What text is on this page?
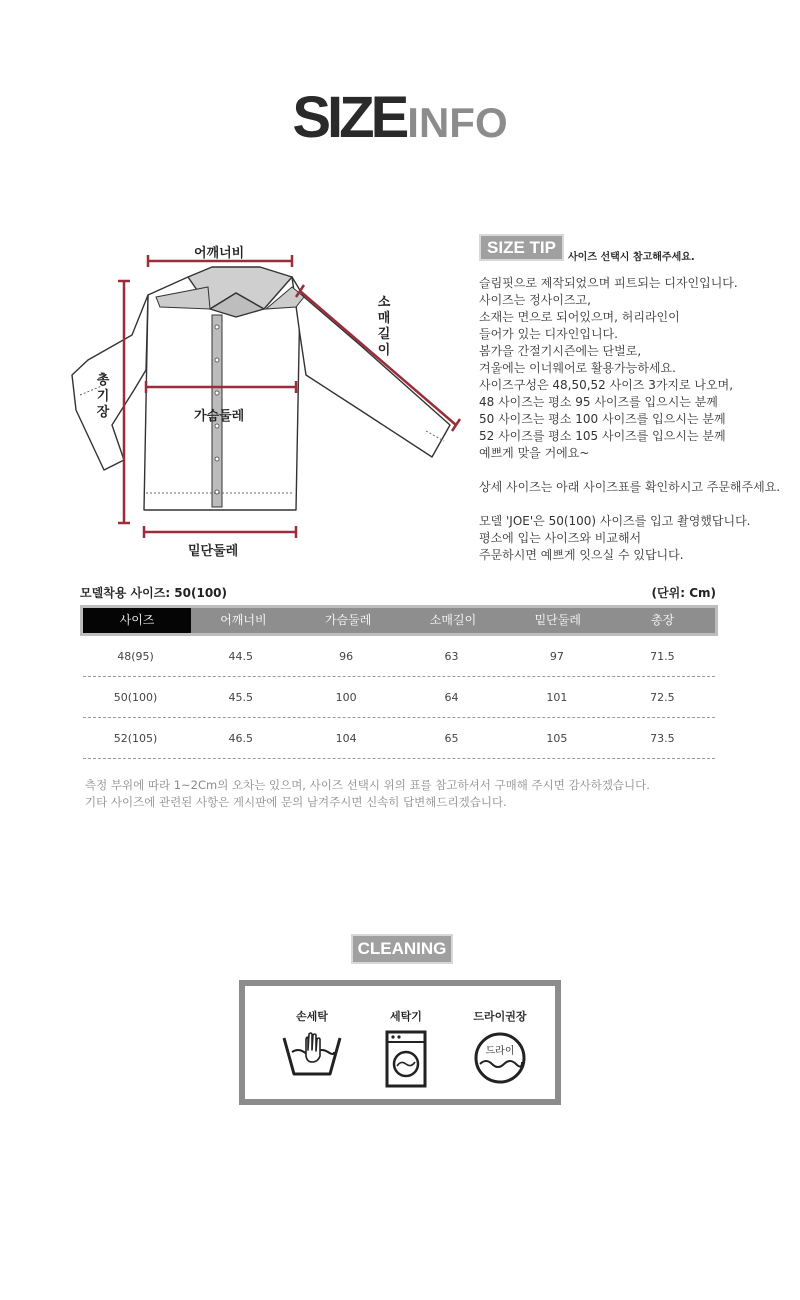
SIZEINFO
어깨너비
소
매
길
이
총
기
장	가슴둘레
밑단둘레
SIZE TIP
사이즈 선택시 참고해주세요.
슬림핏으로 제작되었으며 피트되는 디자인입니다.
사이즈는 정사이즈고,
소재는 면으로 되어있으며, 허리라인이
들어가 있는 디자인입니다.
봄가을 간절기시즌에는 단벌로,
겨울에는 이너웨어로 활용가능하세요.
사이즈구성은 48,50,52 사이즈 3가지로 나오며,
48 사이즈는 평소 95 사이즈를 입으시는 분께
50 사이즈는 평소 100 사이즈를 입으시는 분께
52 사이즈를 평소 105 사이즈를 입으시는 분께
예쁘게 맞을 거에요~
상세 사이즈는 아래 사이즈표를 확인하시고 주문해주세요.
모델 'JOE'은 50(100) 사이즈를 입고 촬영했답니다.
평소에 입는 사이즈와 비교해서
주문하시면 예쁘게 잇으실 수 있답니다.
모델착용 사이즈: 50(100)	(단위: Cm)
사이즈	어깨너비	가슴둘레	소매길이	밑단둘레	총장
48(95)	44.5	96	63	97	71.5
50(100)	45.5	100	64	101	72.5
52(105)	46.5	104	65	105	73.5
측정 부위에 따라 1~2Cm의 오차는 있으며, 사이즈 선택시 위의 표를 참고하셔서 구매해 주시면 감사하겠습니다.
기타 사이즈에 관련된 사항은 게시판에 문의 남겨주시면 신속히 답변해드리겠습니다.
CLEANING
손세탁	세탁기	드라이권장
드라이
